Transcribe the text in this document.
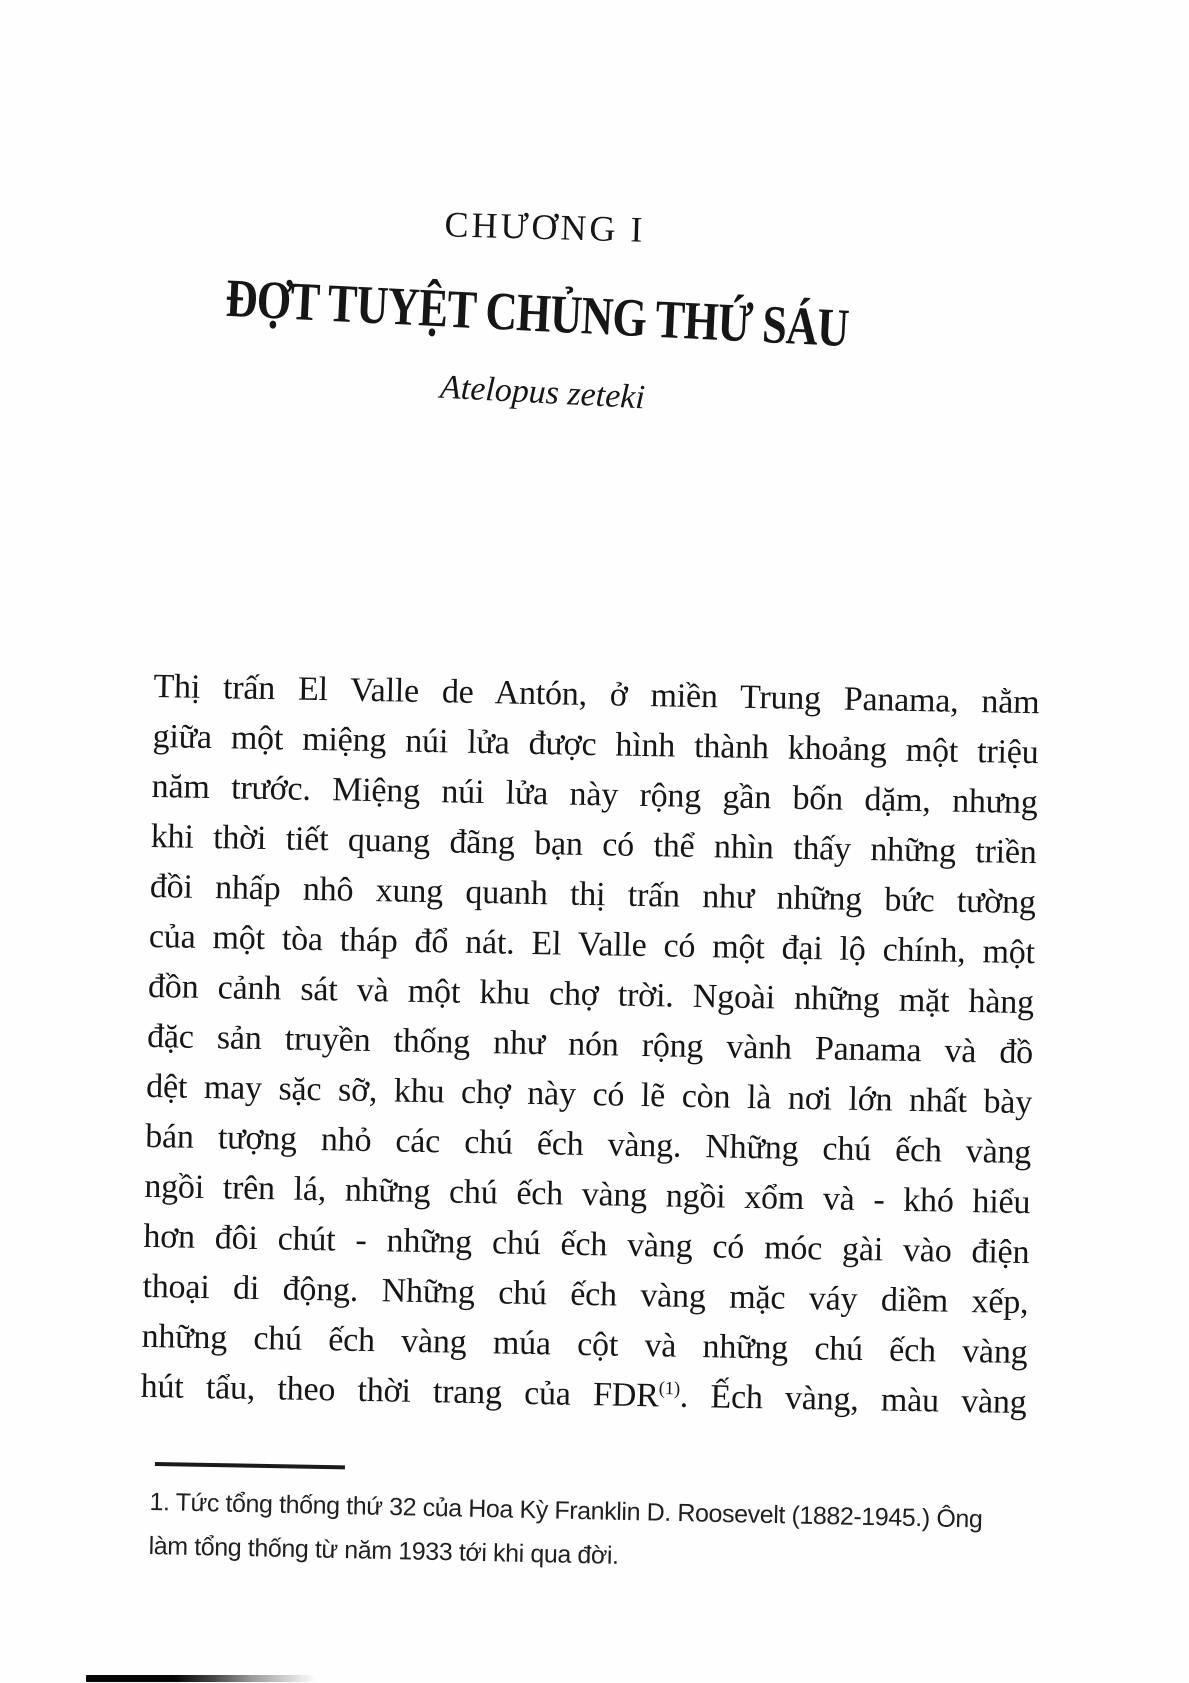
CHƯƠNG I
ĐỢT TUYỆT CHỦNG THỨ SÁU
Atelopus zeteki
Thị trấn El Valle de Antón, ở miền Trung Panama, nằm
giữa một miệng núi lửa được hình thành khoảng một triệu
năm trước. Miệng núi lửa này rộng gần bốn dặm, nhưng
khi thời tiết quang đãng bạn có thể nhìn thấy những triền
đồi nhấp nhô xung quanh thị trấn như những bức tường
của một tòa tháp đổ nát. El Valle có một đại lộ chính, một
đồn cảnh sát và một khu chợ trời. Ngoài những mặt hàng
đặc sản truyền thống như nón rộng vành Panama và đồ
dệt may sặc sỡ, khu chợ này có lẽ còn là nơi lớn nhất bày
bán tượng nhỏ các chú ếch vàng. Những chú ếch vàng
ngồi trên lá, những chú ếch vàng ngồi xổm và - khó hiểu
hơn đôi chút - những chú ếch vàng có móc gài vào điện
thoại di động. Những chú ếch vàng mặc váy diềm xếp,
những chú ếch vàng múa cột và những chú ếch vàng
hút tẩu, theo thời trang của FDR$^{(1)}$. Ếch vàng, màu vàng
1. Tức tổng thống thứ 32 của Hoa Kỳ Franklin D. Roosevelt (1882-1945.) Ông
làm tổng thống từ năm 1933 tới khi qua đời.
